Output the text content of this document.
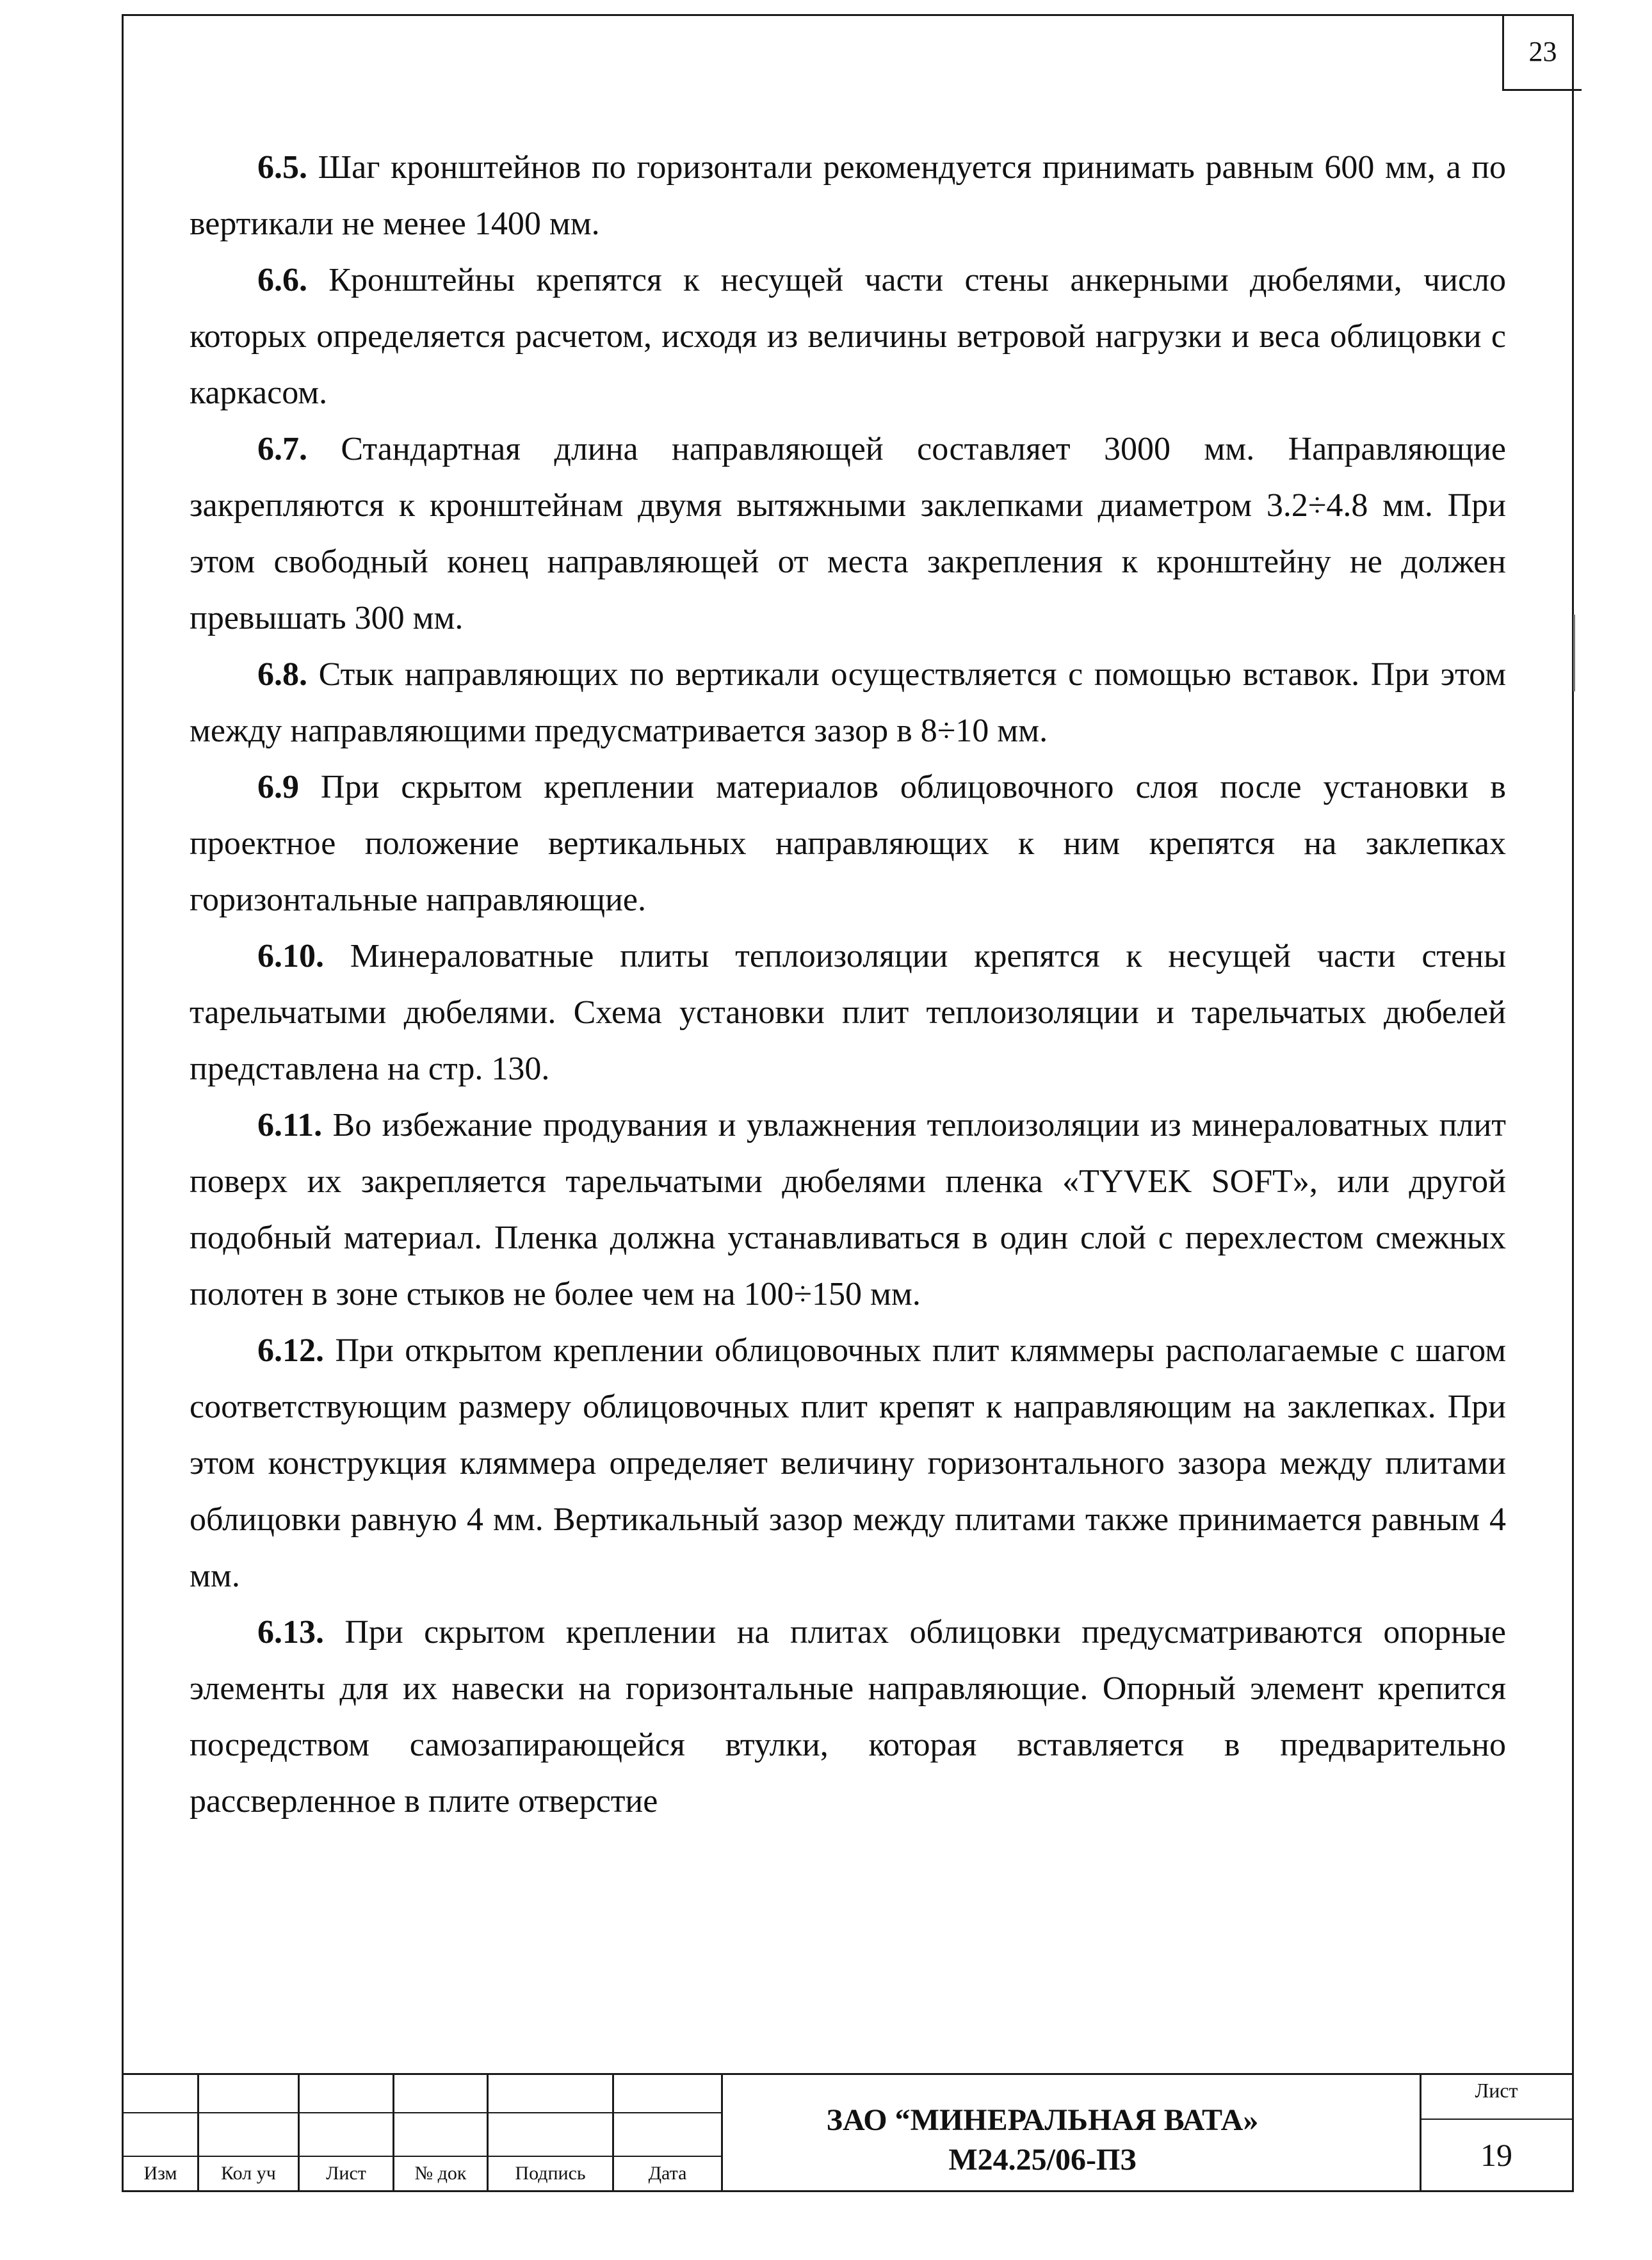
23

6.5. Шаг кронштейнов по горизонтали рекомендуется принимать равным 600 мм, а по вертикали не менее 1400 мм.

6.6. Кронштейны крепятся к несущей части стены анкерными дюбелями, число которых определяется расчетом, исходя из величины ветровой нагрузки и веса облицовки с каркасом.

6.7. Стандартная длина направляющей составляет 3000 мм. Направляющие закрепляются к кронштейнам двумя вытяжными заклепками диаметром 3.2÷4.8 мм. При этом свободный конец направляющей от места закрепления к кронштейну не должен превышать 300 мм.

6.8. Стык направляющих по вертикали осуществляется с помощью вставок. При этом между направляющими предусматривается зазор в 8÷10 мм.

6.9 При скрытом креплении материалов облицовочного слоя после установки в проектное положение вертикальных направляющих к ним крепятся на заклепках горизонтальные направляющие.

6.10. Минераловатные плиты теплоизоляции крепятся к несущей части стены тарельчатыми дюбелями. Схема установки плит теплоизоляции и тарельчатых дюбелей представлена на стр. 130.

6.11. Во избежание продувания и увлажнения теплоизоляции из минераловатных плит поверх их закрепляется тарельчатыми дюбелями пленка «TYVEK SOFT», или другой подобный материал. Пленка должна устанавливаться в один слой с перехлестом смежных полотен в зоне стыков не более чем на 100÷150 мм.

6.12. При открытом креплении облицовочных плит кляммеры располагаемые с шагом соответствующим размеру облицовочных плит крепят к направляющим на заклепках. При этом конструкция кляммера определяет величину горизонтального зазора между плитами облицовки равную 4 мм. Вертикальный зазор между плитами также принимается равным 4 мм.

6.13. При скрытом креплении на плитах облицовки предусматриваются опорные элементы для их навески на горизонтальные направляющие. Опорный элемент крепится посредством самозапирающейся втулки, которая вставляется в предварительно рассверленное в плите отверстие

Изм	Кол уч	Лист	№ док	Подпись	Дата
ЗАО “МИНЕРАЛЬНАЯ ВАТА»
М24.25/06-ПЗ
Лист
19
